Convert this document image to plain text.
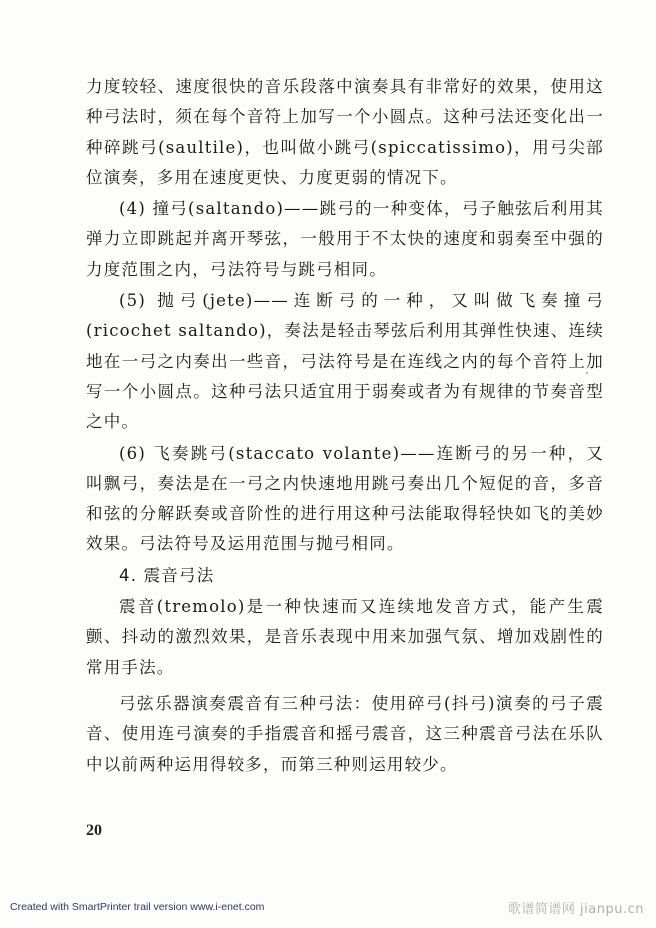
力度较轻、速度很快的音乐段落中演奏具有非常好的效果，使用这种弓法时，须在每个音符上加写一个小圆点。这种弓法还变化出一种碎跳弓(saultile)，也叫做小跳弓(spiccatissimo)，用弓尖部位演奏，多用在速度更快、力度更弱的情况下。

(4) 撞弓(saltando)——跳弓的一种变体，弓子触弦后利用其弹力立即跳起并离开琴弦，一般用于不太快的速度和弱奏至中强的力度范围之内，弓法符号与跳弓相同。

(5) 抛弓(jete)——连断弓的一种，又叫做飞奏撞弓(ricochet saltando)，奏法是轻击琴弦后利用其弹性快速、连续地在一弓之内奏出一些音，弓法符号是在连线之内的每个音符上加写一个小圆点。这种弓法只适宜用于弱奏或者为有规律的节奏音型之中。

(6) 飞奏跳弓(staccato volante)——连断弓的另一种，又叫飘弓，奏法是在一弓之内快速地用跳弓奏出几个短促的音，多音和弦的分解跃奏或音阶性的进行用这种弓法能取得轻快如飞的美妙效果。弓法符号及运用范围与抛弓相同。

4. 震音弓法

震音(tremolo)是一种快速而又连续地发音方式，能产生震颤、抖动的激烈效果，是音乐表现中用来加强气氛、增加戏剧性的常用手法。

弓弦乐器演奏震音有三种弓法：使用碎弓(抖弓)演奏的弓子震音、使用连弓演奏的手指震音和摇弓震音，这三种震音弓法在乐队中以前两种运用得较多，而第三种则运用较少。

20
Created with SmartPrinter trail version www.i-enet.com	歌谱简谱网 jianpu.cn
